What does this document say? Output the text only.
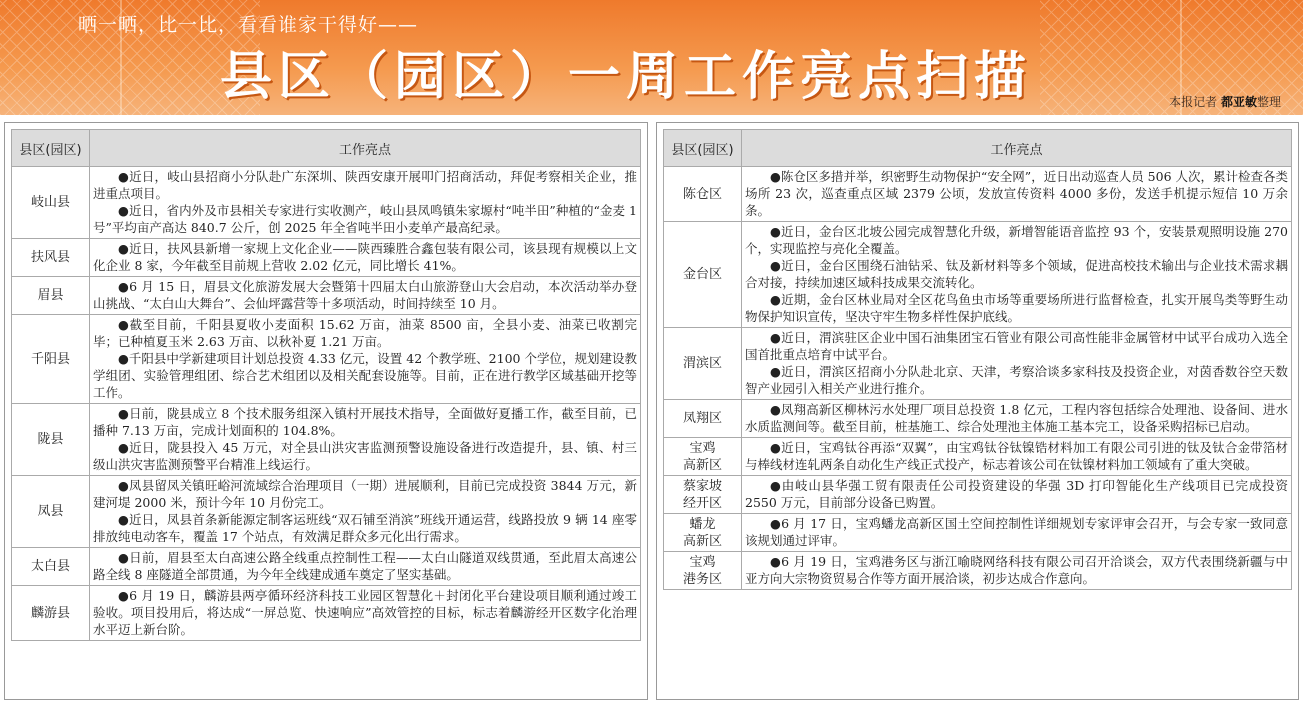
晒一晒，比一比，看看谁家干得好——
县区（园区）一周工作亮点扫描	本报记者 都亚敏整理
县区(园区)	工作亮点
岐山县	●近日，岐山县招商小分队赴广东深圳、陕西安康开展叩门招商活动，拜促考察相关企业，推进重点项目。

●近日，省内外及市县相关专家进行实收测产，岐山县凤鸣镇朱家塬村“吨半田”种植的“金麦 1 号”平均亩产高达 840.7 公斤，创 2025 年全省吨半田小麦单产最高纪录。

扶风县	●近日，扶风县新增一家规上文化企业——陕西臻胜合鑫包装有限公司，该县现有规模以上文化企业 8 家，今年截至目前规上营收 2.02 亿元，同比增长 41%。

眉县	●6 月 15 日，眉县文化旅游发展大会暨第十四届太白山旅游登山大会启动，本次活动举办登山挑战、“太白山大舞台”、会仙坪露营等十多项活动，时间持续至 10 月。

千阳县	●截至目前，千阳县夏收小麦面积 15.62 万亩，油菜 8500 亩，全县小麦、油菜已收割完毕；已种植夏玉米 2.63 万亩、以秋补夏 1.21 万亩。

●千阳县中学新建项目计划总投资 4.33 亿元，设置 42 个教学班、2100 个学位，规划建设教学组团、实验管理组团、综合艺术组团以及相关配套设施等。目前，正在进行教学区域基础开挖等工作。

陇县	●日前，陇县成立 8 个技术服务组深入镇村开展技术指导，全面做好夏播工作，截至目前，已播种 7.13 万亩，完成计划面积的 104.8%。

●近日，陇县投入 45 万元，对全县山洪灾害监测预警设施设备进行改造提升，县、镇、村三级山洪灾害监测预警平台精准上线运行。

凤县	●凤县留凤关镇旺峪河流域综合治理项目（一期）进展顺利，目前已完成投资 3844 万元，新建河堤 2000 米，预计今年 10 月份完工。

●近日，凤县首条新能源定制客运班线“双石铺至消滨”班线开通运营，线路投放 9 辆 14 座零排放纯电动客车，覆盖 17 个站点，有效满足群众多元化出行需求。

太白县	●日前，眉县至太白高速公路全线重点控制性工程——太白山隧道双线贯通，至此眉太高速公路全线 8 座隧道全部贯通，为今年全线建成通车奠定了坚实基础。

麟游县	●6 月 19 日，麟游县两亭循环经济科技工业园区智慧化＋封闭化平台建设项目顺利通过竣工验收。项目投用后，将达成“一屏总览、快速响应”高效管控的目标，标志着麟游经开区数字化治理水平迈上新台阶。

县区(园区)	工作亮点
陈仓区	●陈仓区多措并举，织密野生动物保护“安全网”，近日出动巡查人员 506 人次，累计检查各类场所 23 次，巡查重点区域 2379 公顷，发放宣传资料 4000 多份，发送手机提示短信 10 万余条。

金台区	●近日，金台区北坡公园完成智慧化升级，新增智能语音监控 93 个，安装景观照明设施 270 个，实现监控与亮化全覆盖。

●近日，金台区围绕石油钻采、钛及新材料等多个领域，促进高校技术输出与企业技术需求耦合对接，持续加速区域科技成果交流转化。

●近期，金台区林业局对全区花鸟鱼虫市场等重要场所进行监督检查，扎实开展鸟类等野生动物保护知识宣传，坚决守牢生物多样性保护底线。

渭滨区	●近日，渭滨驻区企业中国石油集团宝石管业有限公司高性能非金属管材中试平台成功入选全国首批重点培育中试平台。

●近日，渭滨区招商小分队赴北京、天津，考察洽谈多家科技及投资企业，对茵香数谷空天数智产业园引入相关产业进行推介。

凤翔区	●凤翔高新区柳林污水处理厂项目总投资 1.8 亿元，工程内容包括综合处理池、设备间、进水水质监测间等。截至目前，桩基施工、综合处理池主体施工基本完工，设备采购招标已启动。

宝鸡
高新区	●近日，宝鸡钛谷再添“双翼”，由宝鸡钛谷钛镍锆材料加工有限公司引进的钛及钛合金带箔材与棒线材连轧两条自动化生产线正式投产，标志着该公司在钛镍材料加工领域有了重大突破。

蔡家坡
经开区	●由岐山县华强工贸有限责任公司投资建设的华强 3D 打印智能化生产线项目已完成投资 2550 万元，目前部分设备已购置。

蟠龙
高新区	●6 月 17 日，宝鸡蟠龙高新区国土空间控制性详细规划专家评审会召开，与会专家一致同意该规划通过评审。

宝鸡
港务区	●6 月 19 日，宝鸡港务区与浙江喻晓网络科技有限公司召开洽谈会，双方代表围绕新疆与中亚方向大宗物资贸易合作等方面开展洽谈，初步达成合作意向。
